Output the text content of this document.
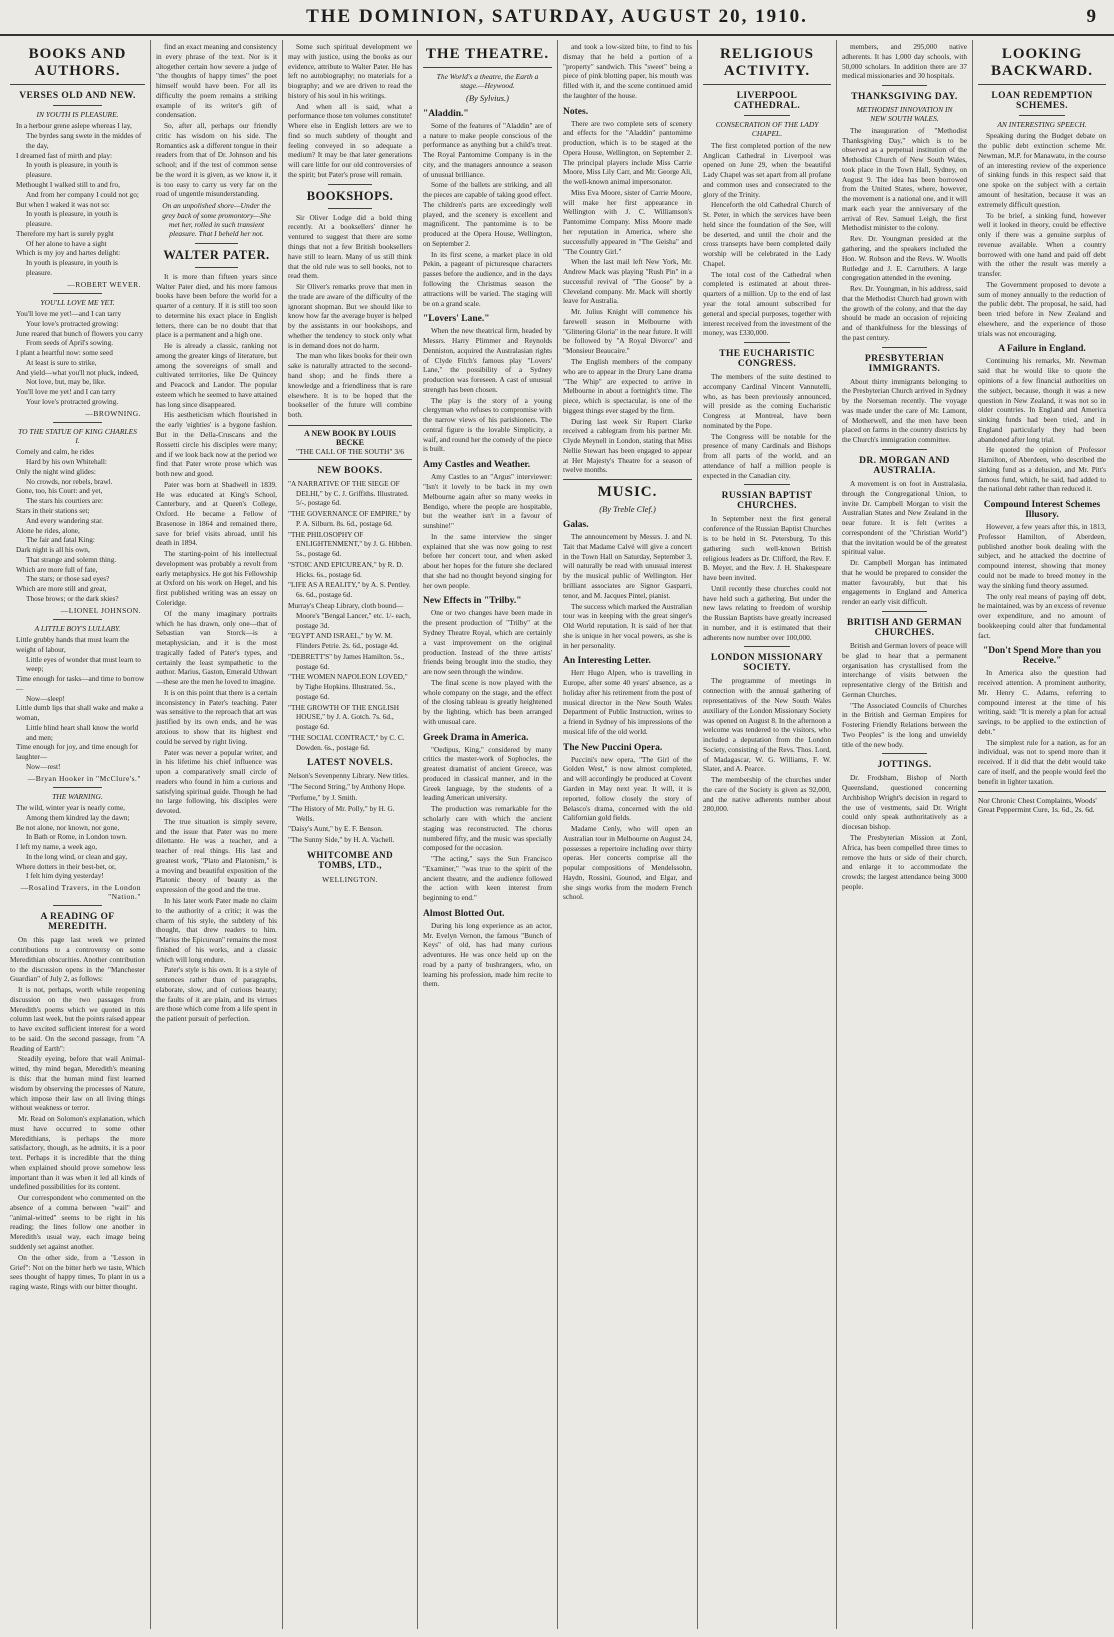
THE DOMINION, SATURDAY, AUGUST 20, 1910.	9
BOOKS AND AUTHORS.
VERSES OLD AND NEW.
IN YOUTH IS PLEASURE.
In a herbour grene aslepe whereas I lay,
The byrdes sang swete in the middes of the day,
I dreamed fast of mirth and play:
In youth is pleasure, in youth is pleasure.
Methought I walked still to and fro,
And from her company I could not go;
But when I waked it was not so:
In youth is pleasure, in youth is pleasure.
Therefore my hart is surely pyght
Of her alone to have a sight
Which is my joy and hartes delight:
In youth is pleasure, in youth is pleasure.
—ROBERT WEVER.
YOU'LL LOVE ME YET.
You'll love me yet!—and I can tarry
Your love's protracted growing:
June reared that bunch of flowers you carry
From seeds of April's sowing.
I plant a heartful now: some seed
At least is sure to strike,
And yield—what you'll not pluck, indeed,
Not love, but, may be, like.
You'll love me yet! and I can tarry
Your love's protracted growing.
—BROWNING.
TO THE STATUE OF KING CHARLES I.
Comely and calm, he rides
Hard by his own Whitehall:
Only the night wind glides:
No crowds, nor rebels, brawl.
Gone, too, his Court: and yet,
The stars his courtiers are:
Stars in their stations set;
And every wandering star.
Alone he rides, alone,
The fair and fatal King:
Dark night is all his own,
That strange and solemn thing.
Which are more full of fate,
The stars; or those sad eyes?
Which are more still and great,
Those brows; or the dark skies?
—LIONEL JOHNSON.
A LITTLE BOY'S LULLABY.
Little grubby hands that must learn the weight of labour,
Little eyes of wonder that must learn to weep;
Time enough for tasks—and time to borrow—
Now—sleep!
Little dumb lips that shall wake and make a woman,
Little blind heart shall know the world and men;
Time enough for joy, and time enough for laughter—
Now—rest!
—Bryan Hooker in "McClure's."
THE WARNING.
The wild, winter year is nearly come,
Among them kindred lay the dawn;
Be not alone, nor known, nor gone,
In Bath or Rome, in London town.
I left my name, a week ago,
In the long wind, or clean and gay,
Where dotters in their best-bet, or,
I felt him dying yesterday!
—Rosalind Travers, in the London "Nation."
A READING OF MEREDITH.
On this page last week we printed contributions to a controversy on some Meredithian obscurities. Another contribution to the discussion opens in the "Manchester Guardian" of July 2, as follows:
It is not, perhaps, worth while reopening discussion on the two passages from Meredith's poems which we quoted in this column last week, but the points raised appear to have excited sufficient interest for a word to be said. On the second passage, from "A Reading of Earth":
Steadily eyeing, before that wail Animal-witted, thy mind began, Meredith's meaning is this: that the human mind first learned wisdom by observing the processes of Nature, which impose their law on all living things without weakness or terror.
Mr. Read on Solomon's explanation, which must have occurred to some other Meredithians, is perhaps the more satisfactory, though, as he admits, it is a poor text. Perhaps it is incredible that the thing when explained should prove somehow less important than it was when it led all kinds of undefined possibilities for its content.
Our correspondent who commented on the absence of a comma between "wail" and "animal-witted" seems to be right in his reading; the lines follow one another in Meredith's usual way, each image being suddenly set against another.
On the other side, from a "Lesson in Grief": Not on the bitter herb we taste, Which sees thought of happy times, To plant in us a raging waste, Rings with our bitter thought.
find an exact meaning and consistency in every phrase of the text. Nor is it altogether certain how severe a judge of "the thoughts of happy times" the poet himself would have been. For all its difficulty the poem remains a striking example of its writer's gift of condensation.
So, after all, perhaps our friendly critic has wisdom on his side. The Romantics ask a different tongue in their readers from that of Dr. Johnson and his school; and if the test of common sense be the word it is given, as we know it, it is too easy to carry us very far on the road of ungentle misunderstanding.
On an unpolished shore—Under the grey back of some promontory—She met her, rolled in such transient pleasure. That I beheld her not.
WALTER PATER.
It is more than fifteen years since Walter Pater died, and his more famous books have been before the world for a quarter of a century. If it is still too soon to determine his exact place in English letters, there can be no doubt that that place is a permanent and a high one.
He is already a classic, ranking not among the greater kings of literature, but among the sovereigns of small and cultivated territories, like De Quincey and Peacock and Landor. The popular esteem which he seemed to have attained has long since disappeared.
His aestheticism which flourished in the early 'eighties' is a bygone fashion. But in the Della-Cruscans and the Rossetti circle his disciples were many; and if we look back now at the period we find that Pater wrote prose which was both new and good.
Pater was born at Shadwell in 1839. He was educated at King's School, Canterbury, and at Queen's College, Oxford. He became a Fellow of Brasenose in 1864 and remained there, save for brief visits abroad, until his death in 1894.
The starting-point of his intellectual development was probably a revolt from early metaphysics. He got his Fellowship at Oxford on his work on Hegel, and his first published writing was an essay on Coleridge.
Of the many imaginary portraits which he has drawn, only one—that of Sebastian van Storck—is a metaphysician, and it is the most tragically faded of Pater's types, and certainly the least sympathetic to the author. Marius, Gaston, Emerald Uthwart—these are the men he loved to imagine.
It is on this point that there is a certain inconsistency in Pater's teaching. Pater was sensitive to the reproach that art was justified by its own ends, and he was anxious to show that its highest end could be served by right living.
Pater was never a popular writer, and in his lifetime his chief influence was upon a comparatively small circle of readers who found in him a curious and satisfying spiritual guide. Though he had no large following, his disciples were devoted.
The true situation is simply severe, and the issue that Pater was no mere dilettante. He was a teacher, and a teacher of real things. His last and greatest work, "Plato and Platonism," is a moving and beautiful exposition of the Platonic theory of beauty as the expression of the good and the true.
In his later work Pater made no claim to the authority of a critic; it was the charm of his style, the subtlety of his thought, that drew readers to him. "Marius the Epicurean" remains the most finished of his works, and a classic which will long endure.
Pater's style is his own. It is a style of sentences rather than of paragraphs, elaborate, slow, and of curious beauty; the faults of it are plain, and its virtues are those which come from a life spent in the patient pursuit of perfection.
Some such spiritual development we may with justice, using the books as our evidence, attribute to Walter Pater. He has left no autobiography; no materials for a biography; and we are driven to read the history of his soul in his writings.
And when all is said, what a performance those ten volumes constitute! Where else in English letters are we to find so much subtlety of thought and feeling conveyed in so adequate a medium? It may be that later generations will care little for our old controversies of the spirit; but Pater's prose will remain.
BOOKSHOPS.
Sir Oliver Lodge did a bold thing recently. At a booksellers' dinner he ventured to suggest that there are some things that not a few British booksellers have still to learn. Many of us still think that the old rule was to sell books, not to read them.
Sir Oliver's remarks prove that men in the trade are aware of the difficulty of the ignorant shopman. But we should like to know how far the average buyer is helped by the assistants in our bookshops, and whether the tendency to stock only what is in demand does not do harm.
The man who likes books for their own sake is naturally attracted to the second-hand shop; and he finds there a knowledge and a friendliness that is rare elsewhere. It is to be hoped that the bookseller of the future will combine both.
A NEW BOOK BY LOUIS BECKE
"THE CALL OF THE SOUTH" 3/6
NEW BOOKS.
"A NARRATIVE OF THE SIEGE OF DELHI," by C. J. Griffiths. Illustrated. 5/-, postage 6d.
"THE GOVERNANCE OF EMPIRE," by P. A. Silburn. 8s. 6d., postage 6d.
"THE PHILOSOPHY OF ENLIGHTENMENT," by J. G. Hibben. 5s., postage 6d.
"STOIC AND EPICUREAN," by R. D. Hicks. 6s., postage 6d.
"LIFE AS A REALITY," by A. S. Pentley. 6s. 6d., postage 6d.
Murray's Cheap Library, cloth bound—Moore's "Bengal Lancer," etc. 1/- each, postage 3d.
"EGYPT AND ISRAEL," by W. M. Flinders Petrie. 2s. 6d., postage 4d.
"DEBRETT'S" by James Hamilton. 5s., postage 6d.
"THE WOMEN NAPOLEON LOVED," by Tighe Hopkins. Illustrated. 5s., postage 6d.
"THE GROWTH OF THE ENGLISH HOUSE," by J. A. Gotch. 7s. 6d., postage 6d.
"THE SOCIAL CONTRACT," by C. C. Dowden. 6s., postage 6d.
LATEST NOVELS.
Nelson's Sevenpenny Library. New titles.
"The Second String," by Anthony Hope.
"Perfume," by J. Smith.
"The History of Mr. Polly," by H. G. Wells.
"Daisy's Aunt," by E. F. Benson.
"The Sunny Side," by H. A. Vachell.
WHITCOMBE AND TOMBS, LTD.,
WELLINGTON.
THE THEATRE.
The World's a theatre, the Earth a stage.—Heywood.
(By Sylvius.)
"Aladdin."
Some of the features of "Aladdin" are of a nature to make people conscious of the performance as anything but a child's treat. The Royal Pantomime Company is in the city, and the managers announce a season of unusual brilliance.
Some of the ballets are striking, and all the pieces are capable of taking good effect. The children's parts are exceedingly well played, and the scenery is excellent and magnificent. The pantomime is to be produced at the Opera House, Wellington, on September 2.
In its first scene, a market place in old Pekin, a pageant of picturesque characters passes before the audience, and in the days following the Christmas season the attractions will be varied. The staging will be on a grand scale.
"Lovers' Lane."
When the new theatrical firm, headed by Messrs. Harry Plimmer and Reynolds Denniston, acquired the Australasian rights of Clyde Fitch's famous play "Lovers' Lane," the possibility of a Sydney production was foreseen. A cast of unusual strength has been chosen.
The play is the story of a young clergyman who refuses to compromise with the narrow views of his parishioners. The central figure is the lovable Simplicity, a waif, and round her the comedy of the piece is built.
Amy Castles and Weather.
Amy Castles to an "Argus" interviewer: "Isn't it lovely to be back in my own Melbourne again after so many weeks in Bendigo, where the people are hospitable, but the weather isn't in a favour of sunshine!"
In the same interview the singer explained that she was now going to rest before her concert tour, and when asked about her hopes for the future she declared that she had no thought beyond singing for her own people.
New Effects in "Trilby."
One or two changes have been made in the present production of "Trilby" at the Sydney Theatre Royal, which are certainly a vast improvement on the original production. Instead of the three artists' friends being brought into the studio, they are now seen through the window.
The final scene is now played with the whole company on the stage, and the effect of the closing tableau is greatly heightened by the lighting, which has been arranged with unusual care.
Greek Drama in America.
"Oedipus, King," considered by many critics the master-work of Sophocles, the greatest dramatist of ancient Greece, was produced in classical manner, and in the Greek language, by the students of a leading American university.
The production was remarkable for the scholarly care with which the ancient staging was reconstructed. The chorus numbered fifty, and the music was specially composed for the occasion.
"The acting," says the Sun Francisco "Examiner," "was true to the spirit of the ancient theatre, and the audience followed the action with keen interest from beginning to end."
Almost Blotted Out.
During his long experience as an actor, Mr. Evelyn Vernon, the famous "Bunch of Keys" of old, has had many curious adventures. He was once held up on the road by a party of bushrangers, who, on learning his profession, made him recite to them.
and took a low-sized bite, to find to his dismay that he held a portion of a "property" sandwich. This "sweet" being a piece of pink blotting paper, his mouth was filled with it, and the scene continued amid the laughter of the house.
Notes.
There are two complete sets of scenery and effects for the "Aladdin" pantomime production, which is to be staged at the Opera House, Wellington, on September 2. The principal players include Miss Carrie Moore, Miss Lily Carr, and Mr. George Ali, the well-known animal impersonator.
Miss Eva Moore, sister of Carrie Moore, will make her first appearance in Wellington with J. C. Williamson's Pantomime Company. Miss Moore made her reputation in America, where she successfully appeared in "The Geisha" and "The Country Girl."
When the last mail left New York, Mr. Andrew Mack was playing "Rush Pin" in a successful revival of "The Goose" by a Cleveland company. Mr. Mack will shortly leave for Australia.
Mr. Julius Knight will commence his farewell season in Melbourne with "Glittering Gloria" in the near future. It will be followed by "A Royal Divorce" and "Monsieur Beaucaire."
The English members of the company who are to appear in the Drury Lane drama "The Whip" are expected to arrive in Melbourne in about a fortnight's time. The piece, which is spectacular, is one of the biggest things ever staged by the firm.
During last week Sir Rupert Clarke received a cablegram from his partner Mr. Clyde Meynell in London, stating that Miss Nellie Stewart has been engaged to appear at Her Majesty's Theatre for a season of twelve months.
MUSIC.
(By Treble Clef.)
Galas.
The announcement by Messrs. J. and N. Tait that Madame Calvé will give a concert in the Town Hall on Saturday, September 3, will naturally be read with unusual interest by the musical public of Wellington. Her brilliant associates are Signor Gasparri, tenor, and M. Jacques Pintel, pianist.
The success which marked the Australian tour was in keeping with the great singer's Old World reputation. It is said of her that she is unique in her vocal powers, as she is in her personality.
An Interesting Letter.
Herr Hugo Alpen, who is travelling in Europe, after some 40 years' absence, as a holiday after his retirement from the post of musical director in the New South Wales Department of Public Instruction, writes to a friend in Sydney of his impressions of the musical life of the old world.
The New Puccini Opera.
Puccini's new opera, "The Girl of the Golden West," is now almost completed, and will accordingly be produced at Covent Garden in May next year. It will, it is reported, follow closely the story of Belasco's drama, concerned with the old Californian gold fields.
Madame Cenly, who will open an Australian tour in Melbourne on August 24, possesses a repertoire including over thirty operas. Her concerts comprise all the popular compositions of Mendelssohn, Haydn, Rossini, Gounod, and Elgar, and she sings works from the modern French school.
RELIGIOUS ACTIVITY.
LIVERPOOL CATHEDRAL.
CONSECRATION OF THE LADY CHAPEL.
The first completed portion of the new Anglican Cathedral in Liverpool was opened on June 29, when the beautiful Lady Chapel was set apart from all profane and common uses and consecrated to the glory of the Trinity.
Henceforth the old Cathedral Church of St. Peter, in which the services have been held since the foundation of the See, will be deserted, and until the choir and the cross transepts have been completed daily worship will be celebrated in the Lady Chapel.
The total cost of the Cathedral when completed is estimated at about three-quarters of a million. Up to the end of last year the total amount subscribed for general and special purposes, together with interest received from the investment of the money, was £330,000.
THE EUCHARISTIC CONGRESS.
The members of the suite destined to accompany Cardinal Vincent Vannutelli, who, as has been previously announced, will preside as the coming Eucharistic Congress at Montreal, have been nominated by the Pope.
The Congress will be notable for the presence of many Cardinals and Bishops from all parts of the world, and an attendance of half a million people is expected in the Canadian city.
RUSSIAN BAPTIST CHURCHES.
In September next the first general conference of the Russian Baptist Churches is to be held in St. Petersburg. To this gathering such well-known British religious leaders as Dr. Clifford, the Rev. F. B. Meyer, and the Rev. J. H. Shakespeare have been invited.
Until recently these churches could not have held such a gathering. But under the new laws relating to freedom of worship the Russian Baptists have greatly increased in number, and it is estimated that their adherents now number over 100,000.
LONDON MISSIONARY SOCIETY.
The programme of meetings in connection with the annual gathering of representatives of the New South Wales auxiliary of the London Missionary Society was opened on August 8. In the afternoon a welcome was tendered to the visitors, who included a deputation from the London Society, consisting of the Revs. Thos. Lord, of Madagascar, W. G. Williams, F. W. Slater, and A. Pearce.
The membership of the churches under the care of the Society is given as 92,000, and the native adherents number about 280,000.
members, and 295,000 native adherents. It has 1,000 day schools, with 50,000 scholars. In addition there are 37 medical missionaries and 30 hospitals.
THANKSGIVING DAY.
METHODIST INNOVATION IN NEW SOUTH WALES.
The inauguration of "Methodist Thanksgiving Day," which is to be observed as a perpetual institution of the Methodist Church of New South Wales, took place in the Town Hall, Sydney, on August 9. The idea has been borrowed from the United States, where, however, the movement is a national one, and it will mark each year the anniversary of the arrival of Rev. Samuel Leigh, the first Methodist minister to the colony.
Rev. Dr. Youngman presided at the gathering, and the speakers included the Hon. W. Robson and the Revs. W. Woolls Rutledge and J. E. Carruthers. A large congregation attended in the evening.
Rev. Dr. Youngman, in his address, said that the Methodist Church had grown with the growth of the colony, and that the day should be made an occasion of rejoicing and of thankfulness for the blessings of the past century.
PRESBYTERIAN IMMIGRANTS.
About thirty immigrants belonging to the Presbyterian Church arrived in Sydney by the Norseman recently. The voyage was made under the care of Mr. Lamont, of Motherwell, and the men have been placed on farms in the country districts by the Church's immigration committee.
DR. MORGAN AND AUSTRALIA.
A movement is on foot in Australasia, through the Congregational Union, to invite Dr. Campbell Morgan to visit the Australian States and New Zealand in the near future. It is felt (writes a correspondent of the "Christian World") that the invitation would be of the greatest spiritual value.
Dr. Campbell Morgan has intimated that he would be prepared to consider the matter favourably, but that his engagements in England and America render an early visit difficult.
BRITISH AND GERMAN CHURCHES.
British and German lovers of peace will be glad to hear that a permanent organisation has crystallised from the interchange of visits between the representative clergy of the British and German Churches.
"The Associated Councils of Churches in the British and German Empires for Fostering Friendly Relations between the Two Peoples" is the long and unwieldy title of the new body.
JOTTINGS.
Dr. Frodsham, Bishop of North Queensland, questioned concerning Archbishop Wright's decision in regard to the use of vestments, said Dr. Wright could only speak authoritatively as a diocesan bishop.
The Presbyterian Mission at Zonl, Africa, has been compelled three times to remove the huts or side of their church, and enlarge it to accommodate the crowds; the largest attendance being 3000 people.
LOOKING BACKWARD.
LOAN REDEMPTION SCHEMES.
AN INTERESTING SPEECH.
Speaking during the Budget debate on the public debt extinction scheme Mr. Newman, M.P. for Manawatu, in the course of an interesting review of the experience of sinking funds in this respect said that one spoke on the subject with a certain amount of hesitation, because it was an extremely difficult question.
To be brief, a sinking fund, however well it looked in theory, could be effective only if there was a genuine surplus of revenue available. When a country borrowed with one hand and paid off debt with the other the result was merely a transfer.
The Government proposed to devote a sum of money annually to the reduction of the public debt. The proposal, he said, had been tried before in New Zealand and elsewhere, and the experience of those trials was not encouraging.
A Failure in England.
Continuing his remarks, Mr. Newman said that he would like to quote the opinions of a few financial authorities on the subject, because, though it was a new question in New Zealand, it was not so in older countries. In England and America sinking funds had been tried, and in England particularly they had been abandoned after long trial.
He quoted the opinion of Professor Hamilton, of Aberdeen, who described the sinking fund as a delusion, and Mr. Pitt's famous fund, which, he said, had added to the national debt rather than reduced it.
Compound Interest Schemes Illusory.
However, a few years after this, in 1813, Professor Hamilton, of Aberdeen, published another book dealing with the subject, and he attacked the doctrine of compound interest, showing that money could not be made to breed money in the way the sinking fund theory assumed.
The only real means of paying off debt, he maintained, was by an excess of revenue over expenditure, and no amount of bookkeeping could alter that fundamental fact.
"Don't Spend More than you Receive."
In America also the question had received attention. A prominent authority, Mr. Henry C. Adams, referring to compound interest at the time of his writing, said: "It is merely a plan for actual savings, to be applied to the extinction of debt."
The simplest rule for a nation, as for an individual, was not to spend more than it received. If it did that the debt would take care of itself, and the people would feel the benefit in lighter taxation.
Nor Chronic Chest Complaints, Woods' Great Peppermint Cure, 1s. 6d., 2s. 6d.
